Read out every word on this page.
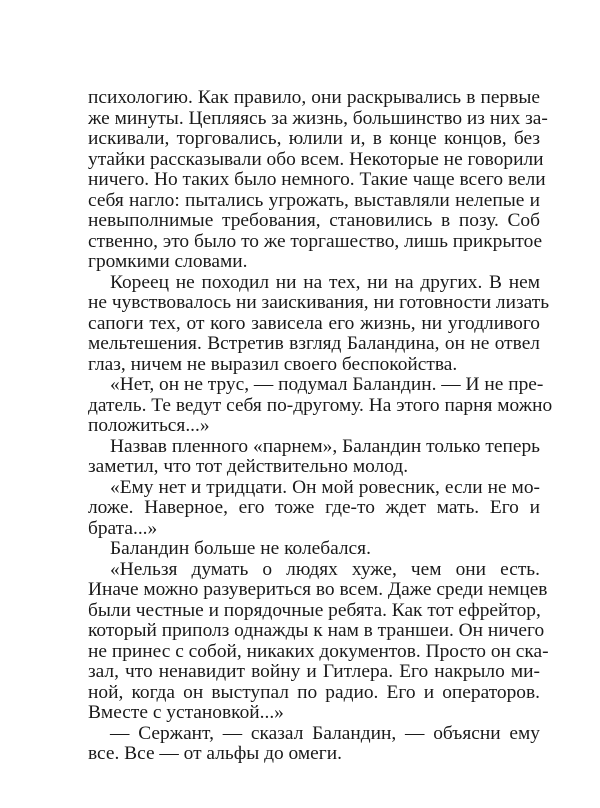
психологию. Как правило, они раскрывались в первые
же минуты. Цепляясь за жизнь, большинство из них за-
искивали, торговались, юлили и, в конце концов, без
утайки рассказывали обо всем. Некоторые не говорили
ничего. Но таких было немного. Такие чаще всего вели
себя нагло: пытались угрожать, выставляли нелепые и
невыполнимые требования, становились в позу. Соб
ственно, это было то же торгашество, лишь прикрытое
громкими словами.
Кореец не походил ни на тех, ни на других. В нем
не чувствовалось ни заискивания, ни готовности лизать
сапоги тех, от кого зависела его жизнь, ни угодливого
мельтешения. Встретив взгляд Баландина, он не отвел
глаз, ничем не выразил своего беспокойства.
«Нет, он не трус, — подумал Баландин. — И не пре-
датель. Те ведут себя по-другому. На этого парня можно
положиться...»
Назвав пленного «парнем», Баландин только теперь
заметил, что тот действительно молод.
«Ему нет и тридцати. Он мой ровесник, если не мо-
ложе. Наверное, его тоже где-то ждет мать. Его и
брата...»
Баландин больше не колебался.
«Нельзя думать о людях хуже, чем они есть.
Иначе можно разувериться во всем. Даже среди немцев
были честные и порядочные ребята. Как тот ефрейтор,
который приполз однажды к нам в траншеи. Он ничего
не принес с собой, никаких документов. Просто он ска-
зал, что ненавидит войну и Гитлера. Его накрыло ми-
ной, когда он выступал по радио. Его и операторов.
Вместе с установкой...»
— Сержант, — сказал Баландин, — объясни ему
все. Все — от альфы до омеги.
